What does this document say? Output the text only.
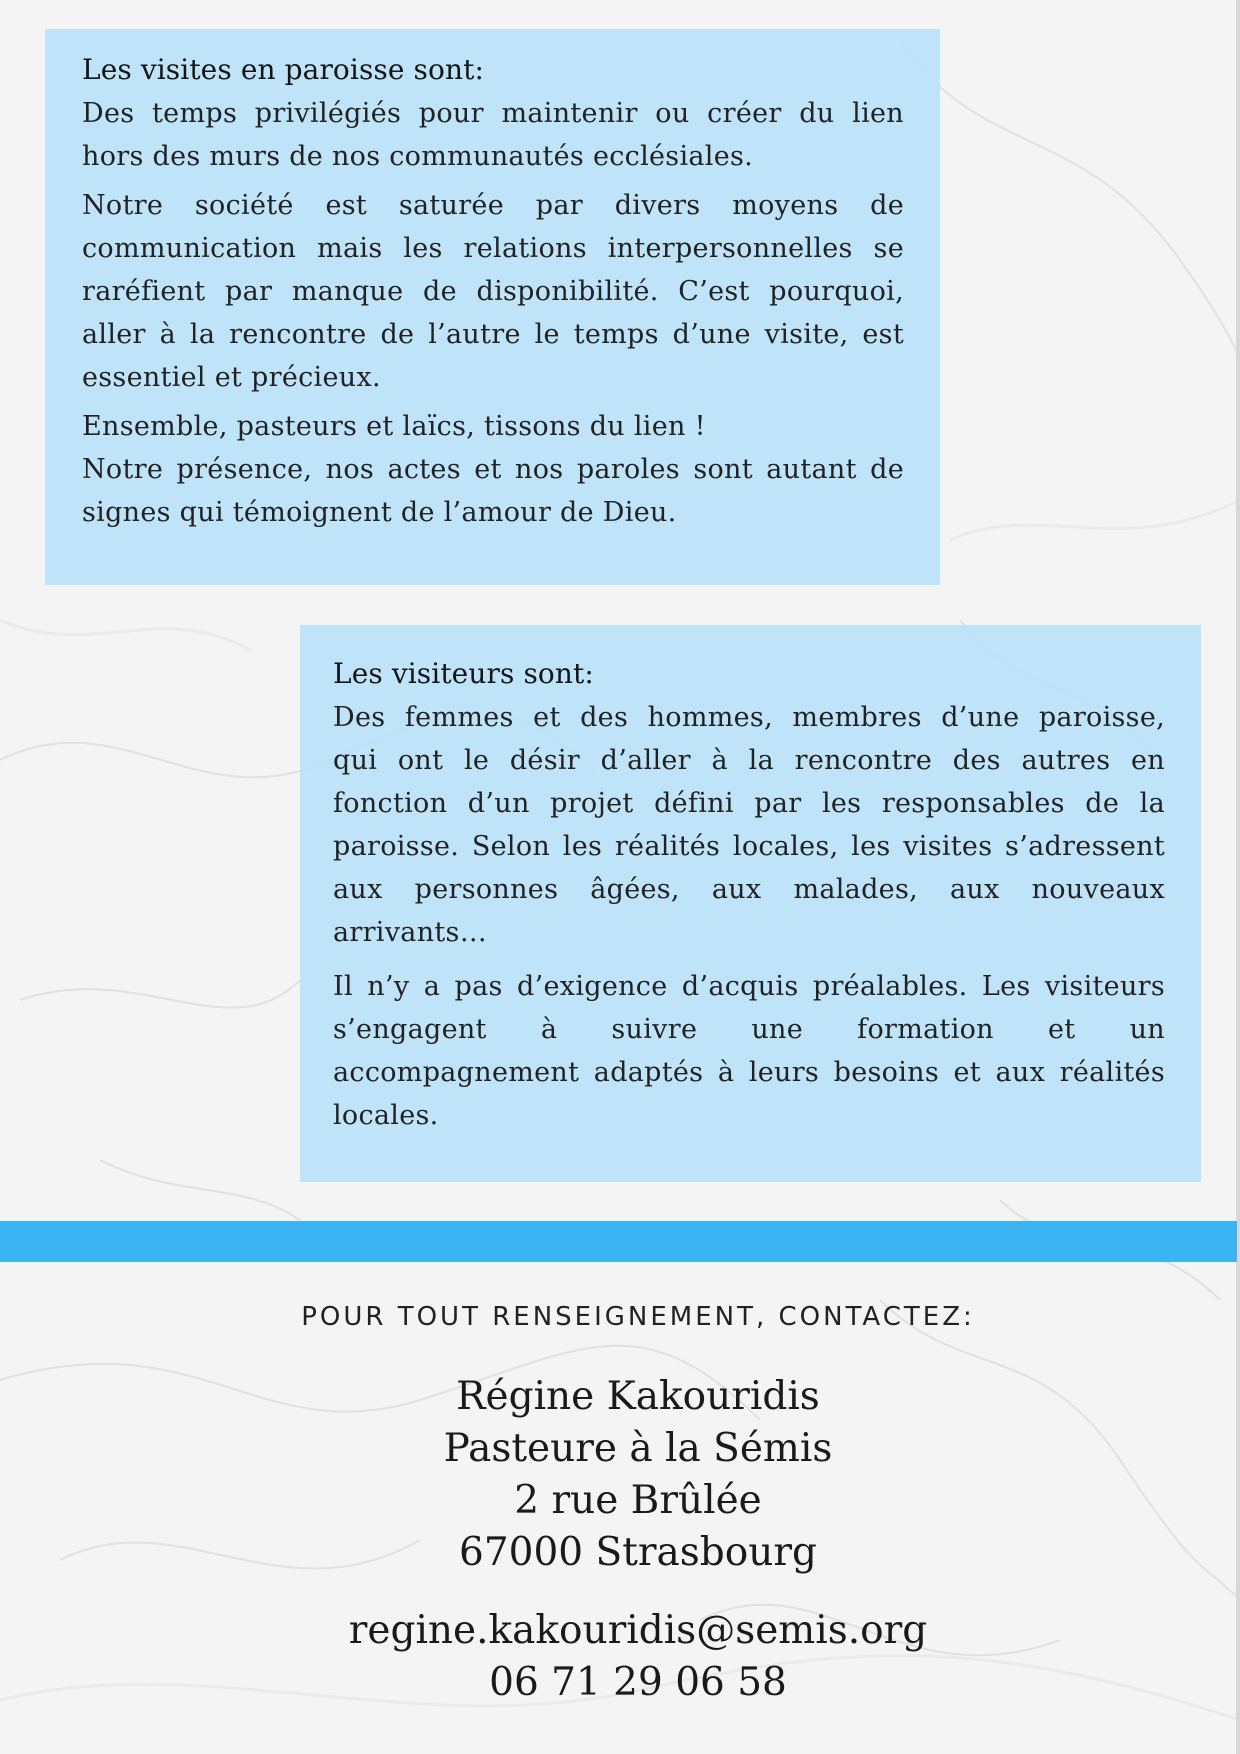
Les visites en paroisse sont:

Des temps privilégiés pour maintenir ou créer du lien
hors des murs de nos communautés ecclésiales.

Notre société est saturée par divers moyens de
communication mais les relations interpersonnelles se
raréfient par manque de disponibilité. C’est pourquoi,
aller à la rencontre de l’autre le temps d’une visite, est
essentiel et précieux.

Ensemble, pasteurs et laïcs, tissons du lien !
Notre présence, nos actes et nos paroles sont autant de
signes qui témoignent de l’amour de Dieu.

Les visiteurs sont:

Des femmes et des hommes, membres d’une paroisse,
qui ont le désir d’aller à la rencontre des autres en
fonction d’un projet défini par les responsables de la
paroisse. Selon les réalités locales, les visites s’adressent
aux personnes âgées, aux malades, aux nouveaux
arrivants…

Il n’y a pas d’exigence d’acquis préalables. Les visiteurs
s’engagent à suivre une formation et un
accompagnement adaptés à leurs besoins et aux réalités
locales.

POUR TOUT RENSEIGNEMENT, CONTACTEZ:
Régine Kakouridis
Pasteure à la Sémis
2 rue Brûlée
67000 Strasbourg
regine.kakouridis@semis.org
06 71 29 06 58
